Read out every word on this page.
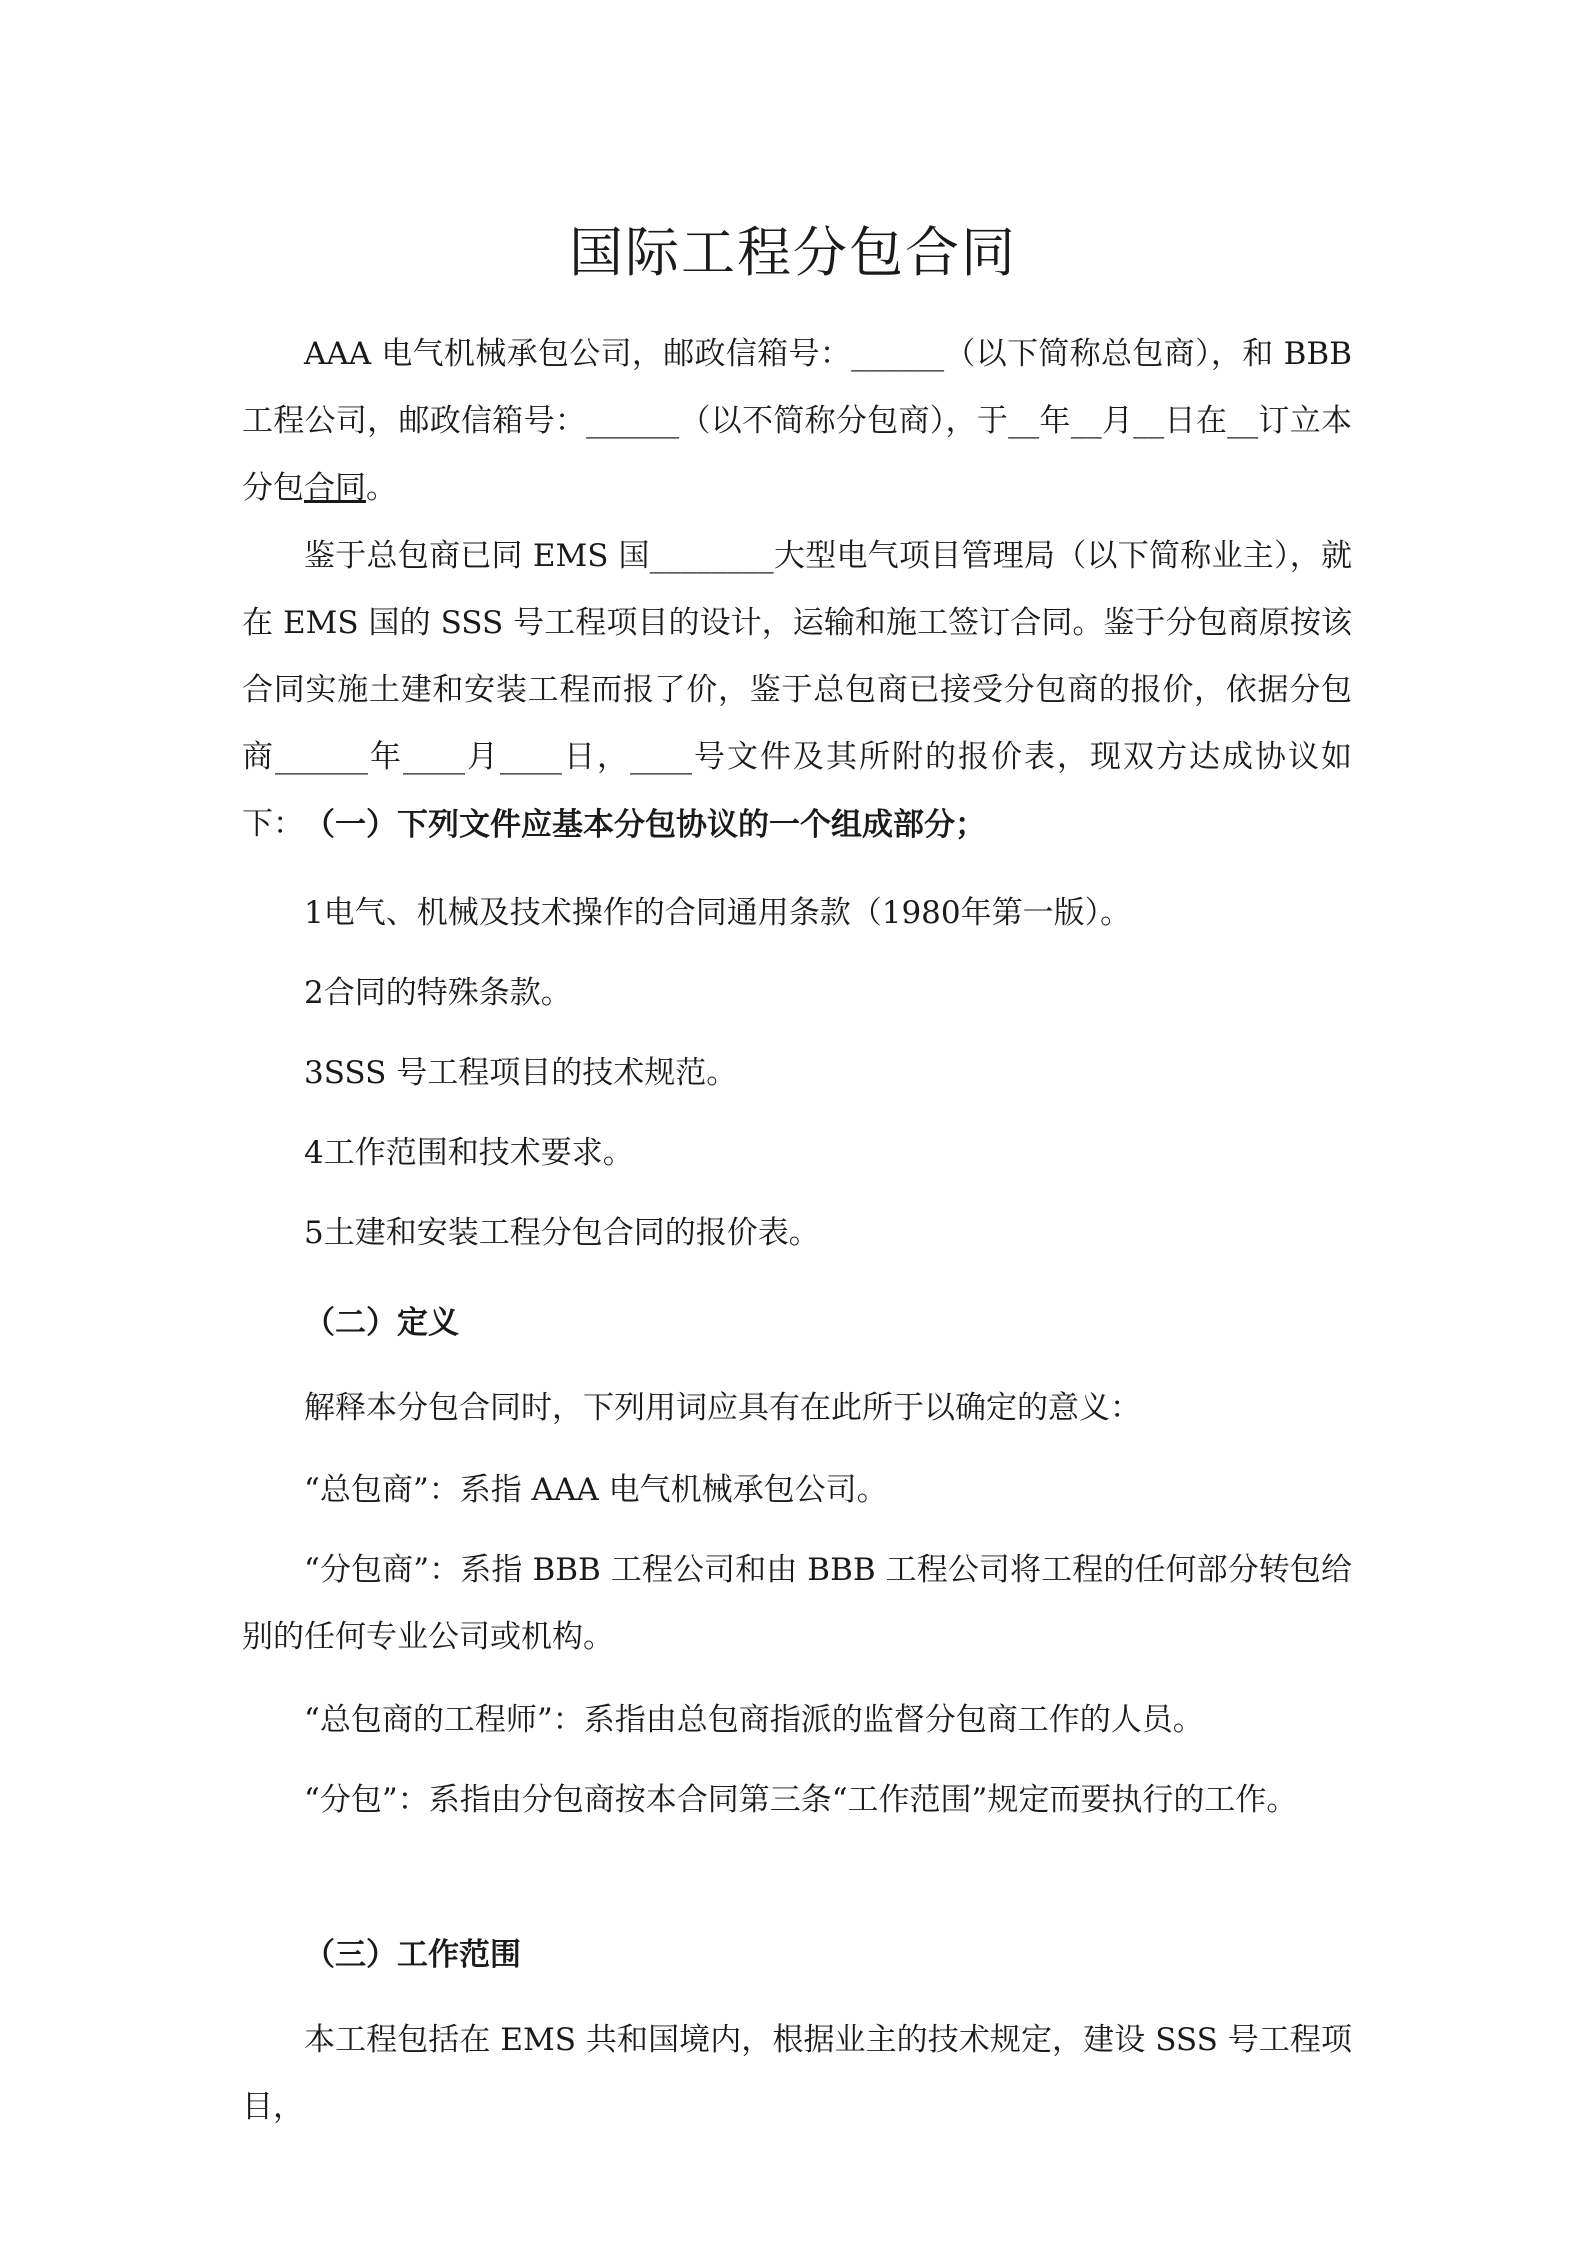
国际工程分包合同

AAA 电气机械承包公司，邮政信箱号：______（以下简称总包商），和 BBB 工程公司，邮政信箱号：______（以不简称分包商），于__年__月__日在__订立本分包合同。

鉴于总包商已同 EMS 国________大型电气项目管理局（以下简称业主），就在 EMS 国的 SSS 号工程项目的设计，运输和施工签订合同。鉴于分包商原按该合同实施土建和安装工程而报了价，鉴于总包商已接受分包商的报价，依据分包商______年____月____日，____号文件及其所附的报价表，现双方达成协议如下： （一）下列文件应基本分包协议的一个组成部分；

1电气、机械及技术操作的合同通用条款（1980年第一版）。

2合同的特殊条款。

3SSS 号工程项目的技术规范。

4工作范围和技术要求。

5土建和安装工程分包合同的报价表。

（二）定义

解释本分包合同时，下列用词应具有在此所于以确定的意义：

“总包商”：系指 AAA 电气机械承包公司。

“分包商”：系指 BBB 工程公司和由 BBB 工程公司将工程的任何部分转包给别的任何专业公司或机构。

“总包商的工程师”：系指由总包商指派的监督分包商工作的人员。

“分包”：系指由分包商按本合同第三条“工作范围”规定而要执行的工作。

（三）工作范围

本工程包括在 EMS 共和国境内，根据业主的技术规定，建设 SSS 号工程项目，
